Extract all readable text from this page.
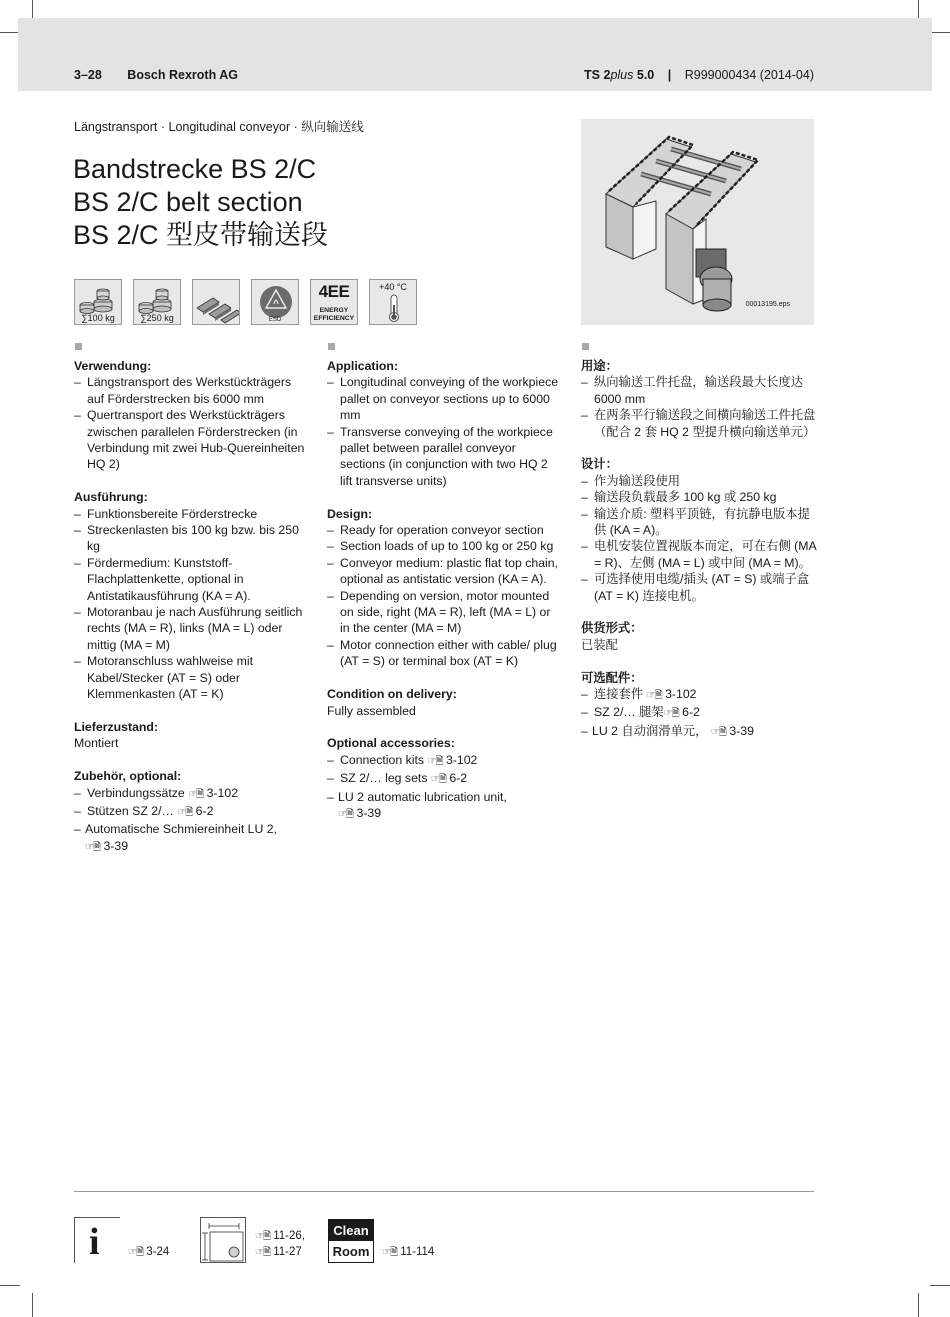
3–28 Bosch Rexroth AG	TS 2plus 5.0 | R999000434 (2014-04)
Längstransport · Longitudinal conveyor · 纵向输送线
Bandstrecke BS 2/C
BS 2/C belt section
BS 2/C 型皮带输送段
∑100 kg	∑250 kg	ESD
4EE
ENERGY
EFFICIENCY
+40 °C
00013195.eps
Verwendung:
– Längstransport des Werkstückträgers auf Förderstrecken bis 6000 mm
– Quertransport des Werkstückträgers zwischen parallelen Förderstrecken (in Verbindung mit zwei Hub-Quereinheiten HQ 2)
Ausführung:
– Funktionsbereite Förderstrecke
– Streckenlasten bis 100 kg bzw. bis 250 kg
– Fördermedium: Kunststoff-Flachplattenkette, optional in Antistatikausführung (KA = A).
– Motoranbau je nach Ausführung seitlich rechts (MA = R), links (MA = L) oder mittig (MA = M)
– Motoranschluss wahlweise mit Kabel/Stecker (AT = S) oder Klemmenkasten (AT = K)
Lieferzustand:

Montiert

Zubehör, optional:
– Verbindungssätze ☞🗎 3-102
– Stützen SZ 2/… ☞🗎 6-2
– Automatische Schmiereinheit LU 2,
☞🗎 3-39
Application:
– Longitudinal conveying of the workpiece pallet on conveyor sections up to 6000 mm
– Transverse conveying of the workpiece pallet between parallel conveyor sections (in conjunction with two HQ 2 lift transverse units)
Design:
– Ready for operation conveyor section
– Section loads of up to 100 kg or 250 kg
– Conveyor medium: plastic flat top chain, optional as antistatic version (KA = A).
– Depending on version, motor mounted on side, right (MA = R), left (MA = L) or in the center (MA = M)
– Motor connection either with cable/ plug (AT = S) or terminal box (AT = K)
Condition on delivery:

Fully assembled

Optional accessories:
– Connection kits ☞🗎 3-102
– SZ 2/… leg sets ☞🗎 6-2
– LU 2 automatic lubrication unit,
☞🗎 3-39
用途：
– 纵向输送工件托盘，输送段最大长度达 6000 mm
– 在两条平行输送段之间横向输送工件托盘（配合 2 套 HQ 2 型提升横向输送单元）
设计：
– 作为输送段使用
– 输送段负载最多 100 kg 或 250 kg
– 输送介质: 塑料平顶链，有抗静电版本提供 (KA = A)。
– 电机安装位置视版本而定，可在右侧 (MA = R)、左侧 (MA = L) 或中间 (MA = M)。
– 可选择使用电缆/插头 (AT = S) 或端子盒 (AT = K) 连接电机。
供货形式：

已装配

可选配件：
– 连接套件 ☞🗎 3-102
– SZ 2/… 腿架☞🗎 6-2
– LU 2 自动润滑单元， ☞🗎 3-39
i	☞🗎 3-24
☞🗎 11-26,
☞🗎 11-27
Clean
Room	☞🗎 11-114
